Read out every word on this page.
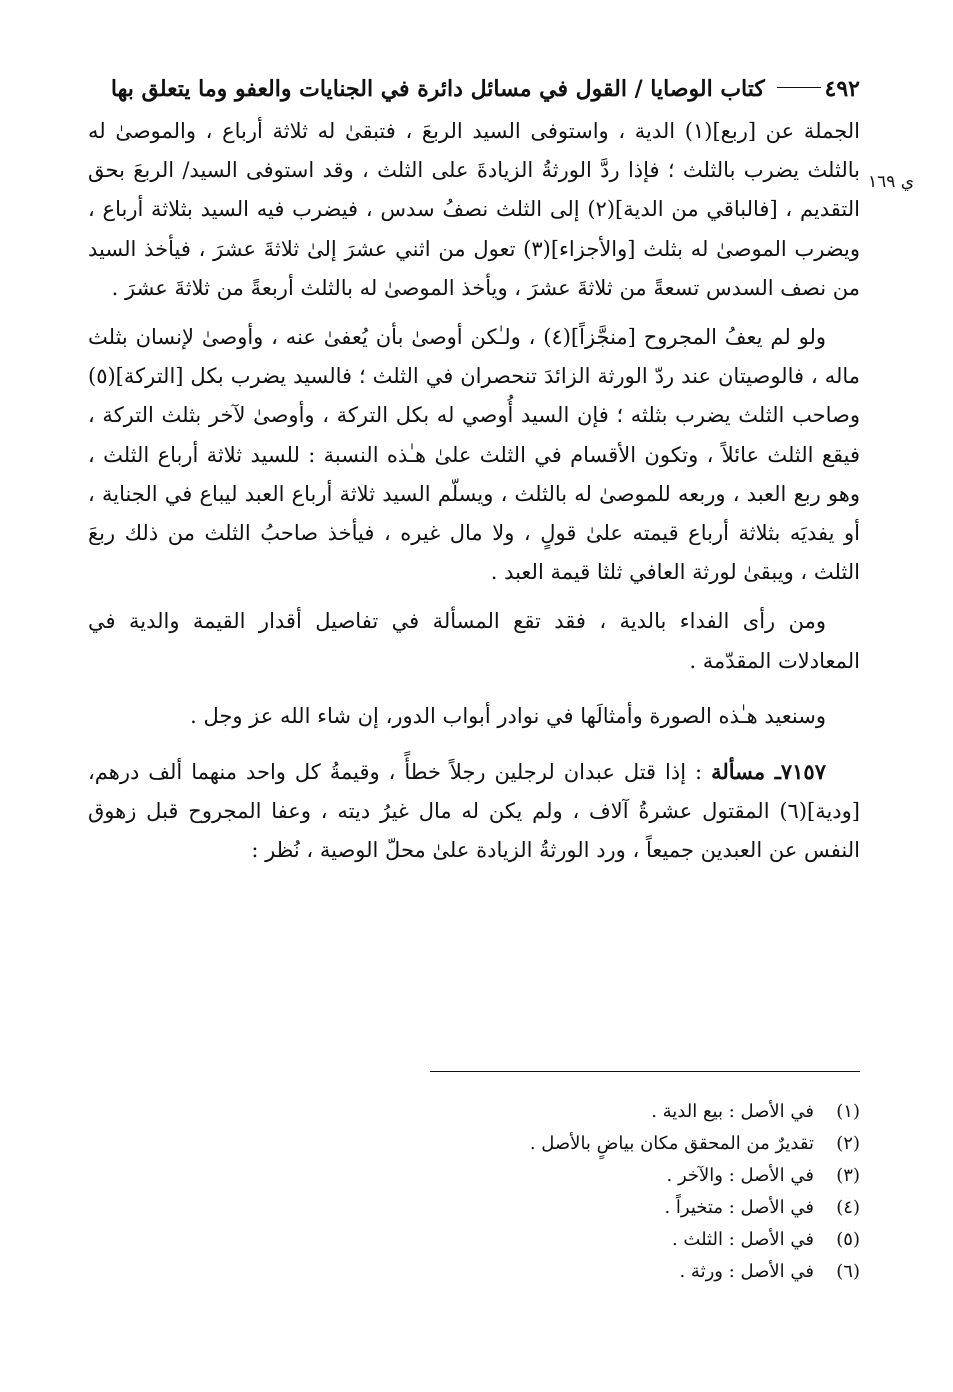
٤٩٢ كتاب الوصايا / القول في مسائل دائرة في الجنايات والعفو وما يتعلق بها

الجملة عن [ربع](١) الدية ، واستوفى السيد الربعَ ، فتبقىٰ له ثلاثة أرباع ، والموصىٰ له بالثلث يضرب بالثلث ؛ فإذا ردَّ الورثةُ الزيادةَ على الثلث ، وقد استوفى السيد/ الربعَ بحق التقديم ، [فالباقي من الدية](٢) إلى الثلث نصفُ سدس ، فيضرب فيه السيد بثلاثة أرباع ، ويضرب الموصىٰ له بثلث [والأجزاء](٣) تعول من اثني عشرَ إلىٰ ثلاثةَ عشرَ ، فيأخذ السيد من نصف السدس تسعةً من ثلاثةَ عشرَ ، ويأخذ الموصىٰ له بالثلث أربعةً من ثلاثةَ عشرَ .

ولو لم يعفُ المجروح [منجَّزاً](٤) ، ولـٰكن أوصىٰ بأن يُعفىٰ عنه ، وأوصىٰ لإنسان بثلث ماله ، فالوصيتان عند ردّ الورثة الزائدَ تنحصران في الثلث ؛ فالسيد يضرب بكل [التركة](٥) وصاحب الثلث يضرب بثلثه ؛ فإن السيد أُوصي له بكل التركة ، وأوصىٰ لآخر بثلث التركة ، فيقع الثلث عائلاً ، وتكون الأقسام في الثلث علىٰ هـٰذه النسبة : للسيد ثلاثة أرباع الثلث ، وهو ربع العبد ، وربعه للموصىٰ له بالثلث ، ويسلّم السيد ثلاثة أرباع العبد ليباع في الجناية ، أو يفديَه بثلاثة أرباع قيمته علىٰ قولٍ ، ولا مال غيره ، فيأخذ صاحبُ الثلث من ذلك ربعَ الثلث ، ويبقىٰ لورثة العافي ثلثا قيمة العبد .

ومن رأى الفداء بالدية ، فقد تقع المسألة في تفاصيل أقدار القيمة والدية في المعادلات المقدّمة .

وسنعيد هـٰذه الصورة وأمثالَها في نوادر أبواب الدور، إن شاء الله عز وجل .

٧١٥٧ـ مسألة : إذا قتل عبدان لرجلين رجلاً خطأً ، وقيمةُ كل واحد منهما ألف درهم، [ودية](٦) المقتول عشرةُ آلاف ، ولم يكن له مال غيرُ ديته ، وعفا المجروح قبل زهوق النفس عن العبدين جميعاً ، ورد الورثةُ الزيادة علىٰ محلّ الوصية ، نُظر :

ي ١٦٩
(١)في الأصل : بيع الدية .
(٢)تقديرٌ من المحقق مكان بياضٍ بالأصل .
(٣)في الأصل : والآخر .
(٤)في الأصل : متخيراً .
(٥)في الأصل : الثلث .
(٦)في الأصل : ورثة .
